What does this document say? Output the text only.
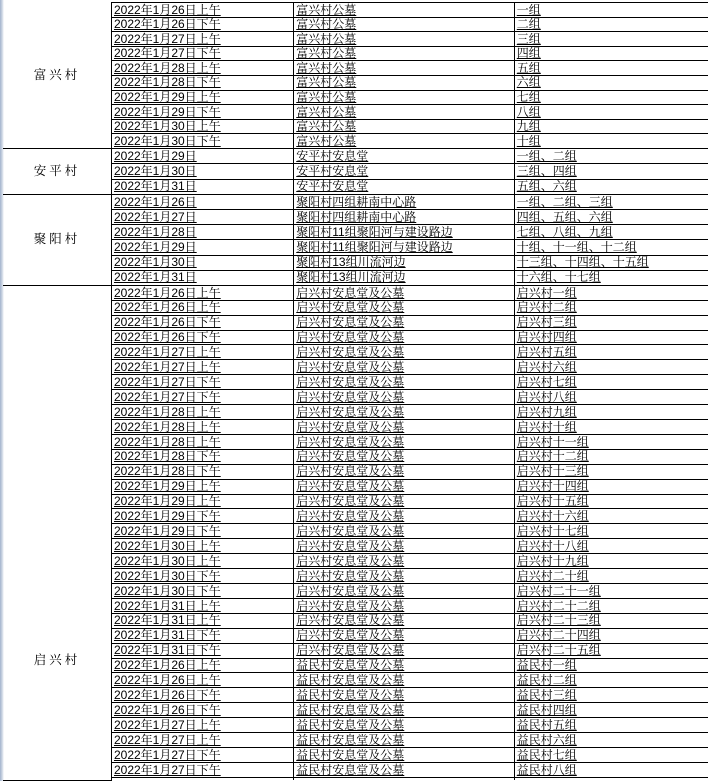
富兴村	2022年1月26日上午	富兴村公墓	一组
	2022年1月26日下午	富兴村公墓	二组
	2022年1月27日上午	富兴村公墓	三组
	2022年1月27日下午	富兴村公墓	四组
	2022年1月28日上午	富兴村公墓	五组
	2022年1月28日下午	富兴村公墓	六组
	2022年1月29日上午	富兴村公墓	七组
	2022年1月29日下午	富兴村公墓	八组
	2022年1月30日上午	富兴村公墓	九组
	2022年1月30日下午	富兴村公墓	十组
安平村	2022年1月29日	安平村安息堂	一组、二组
	2022年1月30日	安平村安息堂	三组、四组
	2022年1月31日	安平村安息堂	五组、六组
聚阳村	2022年1月26日	聚阳村四组耕南中心路	一组、二组、三组
	2022年1月27日	聚阳村四组耕南中心路	四组、五组、六组
	2022年1月28日	聚阳村11组聚阳河与建设路边	七组、八组、九组
	2022年1月29日	聚阳村11组聚阳河与建设路边	十组、十一组、十二组
	2022年1月30日	聚阳村13组川流河边	十三组、十四组、十五组
	2022年1月31日	聚阳村13组川流河边	十六组、十七组

启兴村	2022年1月26日上午	启兴村安息堂及公墓	启兴村一组
	2022年1月26日上午	启兴村安息堂及公墓	启兴村二组
	2022年1月26日下午	启兴村安息堂及公墓	启兴村三组
	2022年1月26日下午	启兴村安息堂及公墓	启兴村四组
	2022年1月27日上午	启兴村安息堂及公墓	启兴村五组
	2022年1月27日上午	启兴村安息堂及公墓	启兴村六组
	2022年1月27日下午	启兴村安息堂及公墓	启兴村七组
	2022年1月27日下午	启兴村安息堂及公墓	启兴村八组
	2022年1月28日上午	启兴村安息堂及公墓	启兴村九组
	2022年1月28日上午	启兴村安息堂及公墓	启兴村十组
	2022年1月28日上午	启兴村安息堂及公墓	启兴村十一组
	2022年1月28日下午	启兴村安息堂及公墓	启兴村十二组
	2022年1月28日下午	启兴村安息堂及公墓	启兴村十三组
	2022年1月29日上午	启兴村安息堂及公墓	启兴村十四组
	2022年1月29日上午	启兴村安息堂及公墓	启兴村十五组
	2022年1月29日下午	启兴村安息堂及公墓	启兴村十六组
	2022年1月29日下午	启兴村安息堂及公墓	启兴村十七组
	2022年1月30日上午	启兴村安息堂及公墓	启兴村十八组
	2022年1月30日上午	启兴村安息堂及公墓	启兴村十九组
	2022年1月30日下午	启兴村安息堂及公墓	启兴村二十组
	2022年1月30日下午	启兴村安息堂及公墓	启兴村二十一组
	2022年1月31日上午	启兴村安息堂及公墓	启兴村二十二组
	2022年1月31日上午	启兴村安息堂及公墓	启兴村二十三组
	2022年1月31日下午	启兴村安息堂及公墓	启兴村二十四组
	2022年1月31日下午	启兴村安息堂及公墓	启兴村二十五组
	2022年1月26日上午	益民村安息堂及公墓	益民村一组
	2022年1月26日上午	益民村安息堂及公墓	益民村二组
	2022年1月26日下午	益民村安息堂及公墓	益民村三组
	2022年1月26日下午	益民村安息堂及公墓	益民村四组
	2022年1月27日上午	益民村安息堂及公墓	益民村五组
	2022年1月27日上午	益民村安息堂及公墓	益民村六组
	2022年1月27日下午	益民村安息堂及公墓	益民村七组
	2022年1月27日下午	益民村安息堂及公墓	益民村八组
